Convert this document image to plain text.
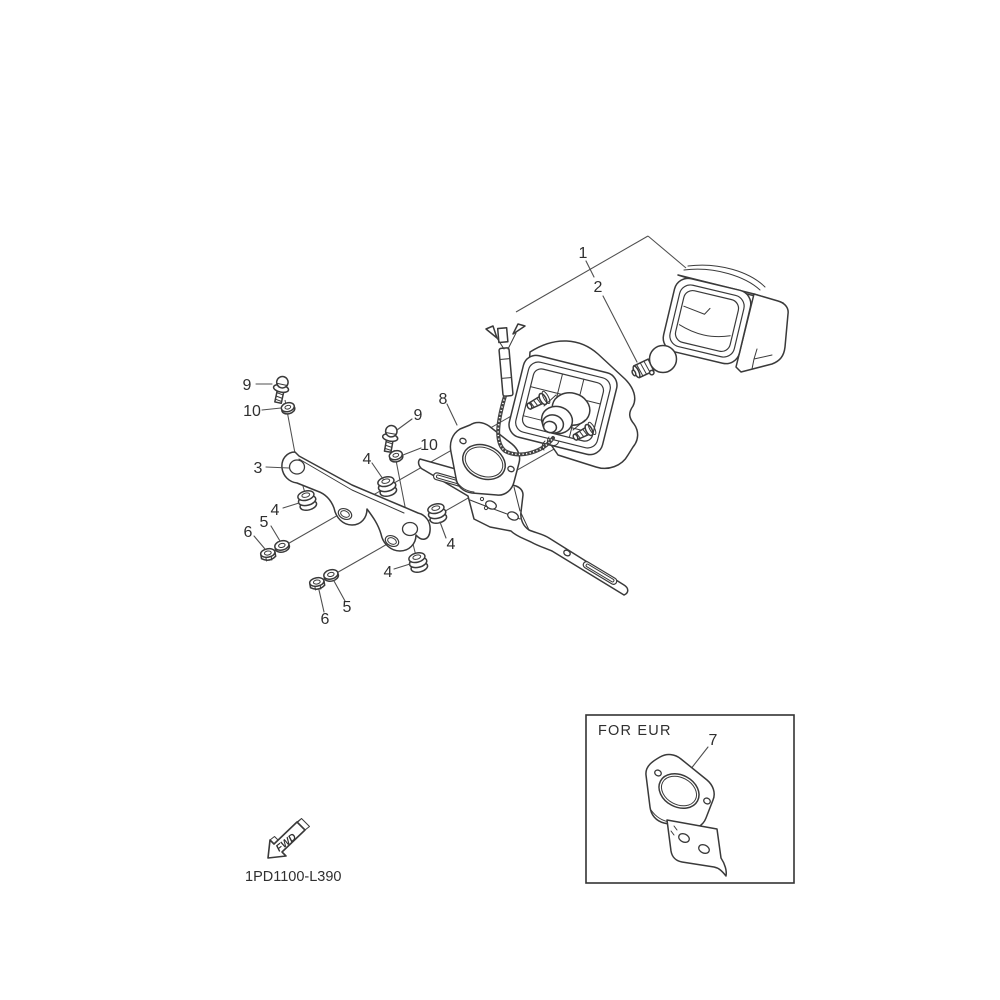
1
2
3
9
10
4
5
6
4
9
10
8
4
4
5
6
FOR EUR
7
FWD
1PD1100-L390
